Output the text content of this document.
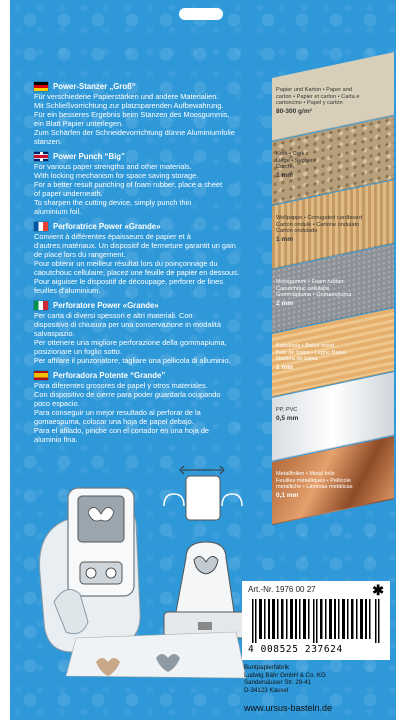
Power-Stanzer „Groß“
Für verschiedene Papierstärken und andere Materialien.
Mit Schließvorrichtung zur platzsparenden Aufbewahrung.
Für ein besseres Ergebnis beim Stanzen des Moosgummis,
ein Blatt Papier unterlegen.
Zum Schärfen der Schneidevorrichtung dünne Aluminiumfolie
stanzen.
Power Punch “Big”
For various paper strengths and other materials.
With locking mechanism for space saving storage.
For a better result punching of foam rubber, place a sheet
of paper underneath.
To sharpen the cutting device, simply punch thin
aluminium foil.
Perforatrice Power «Grande»
Convient à différentes épaisseurs de papier et à
d'autres matériaux. Un dispositif de fermeture garantit un gain
de place lors du rangement.
Pour obtenir un meilleur résultat lors du poinçonnage du
caoutchouc cellulaire, placez une feuille de papier en dessous.
Pour aiguiser le dispositif de découpage, perforer de fines
feuilles d'aluminium.
Perforatore Power «Grande»
Per carta di diversi spessori e altri materiali. Con
dispositivo di chiusura per una conservazione in modalità
salvaspazio.
Per ottenere una migliore perforazione della gommapiuma,
posizionare un foglio sotto.
Per affilare il punzonatore, tagliare una pellicola di alluminio.
Perforadora Potente “Grande”
Para diferentes grosores de papel y otros materiales.
Con dispositivo de cierre para poder guardarla ocupando
poco espacio.
Para conseguir un mejor resultado al perforar de la
gomaespuma, colocar una hoja de papel debajo.
Para el afilado, pinche con el cortador en una hoja de
aluminio fina.
Papier und Karton • Paper and
carton • Papier et carton • Carta e
cartoncino • Papel y cartón
80-300 g/m²
Kork • Cork
Liège • Sughero
Corcho
1 mm
Wellpappe • Corrugated cardboard
Carton ondulé • Cartone ondulato
Cartón ondulado
1 mm
Moosgummi • Foam rubber
Caoutchouc cellulaire
Gommapiuma • Gomaespuma
2 mm
Balsaholz • Balsa wood
Bois de balsa • Legno Balsa
Madera de balsa
1 mm
PP, PVC
0,5 mm
Metallfolien • Metal foils
Feuilles métalliques • Pellicole
metalliche • Láminas metálicas
0,1 mm
Art.-Nr. 1976 00 27	✱
4 008525 237624
Buntpapierfabrik
Ludwig Bähr GmbH & Co. KG
Sandersäuser Str. 29-41
D-34123 Kassel
www.ursus-basteln.de
